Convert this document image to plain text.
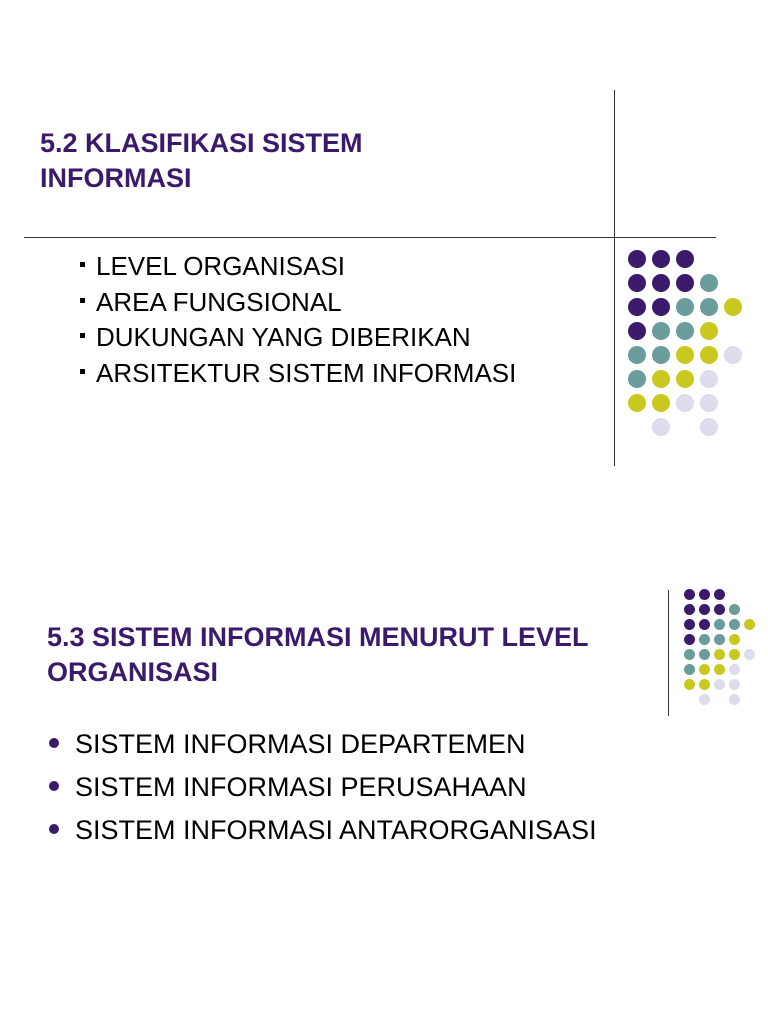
5.2 KLASIFIKASI SISTEM
INFORMASI
LEVEL ORGANISASI
AREA FUNGSIONAL
DUKUNGAN YANG DIBERIKAN
ARSITEKTUR SISTEM INFORMASI
5.3 SISTEM INFORMASI MENURUT LEVEL
ORGANISASI
SISTEM INFORMASI DEPARTEMEN
SISTEM INFORMASI PERUSAHAAN
SISTEM INFORMASI ANTARORGANISASI
